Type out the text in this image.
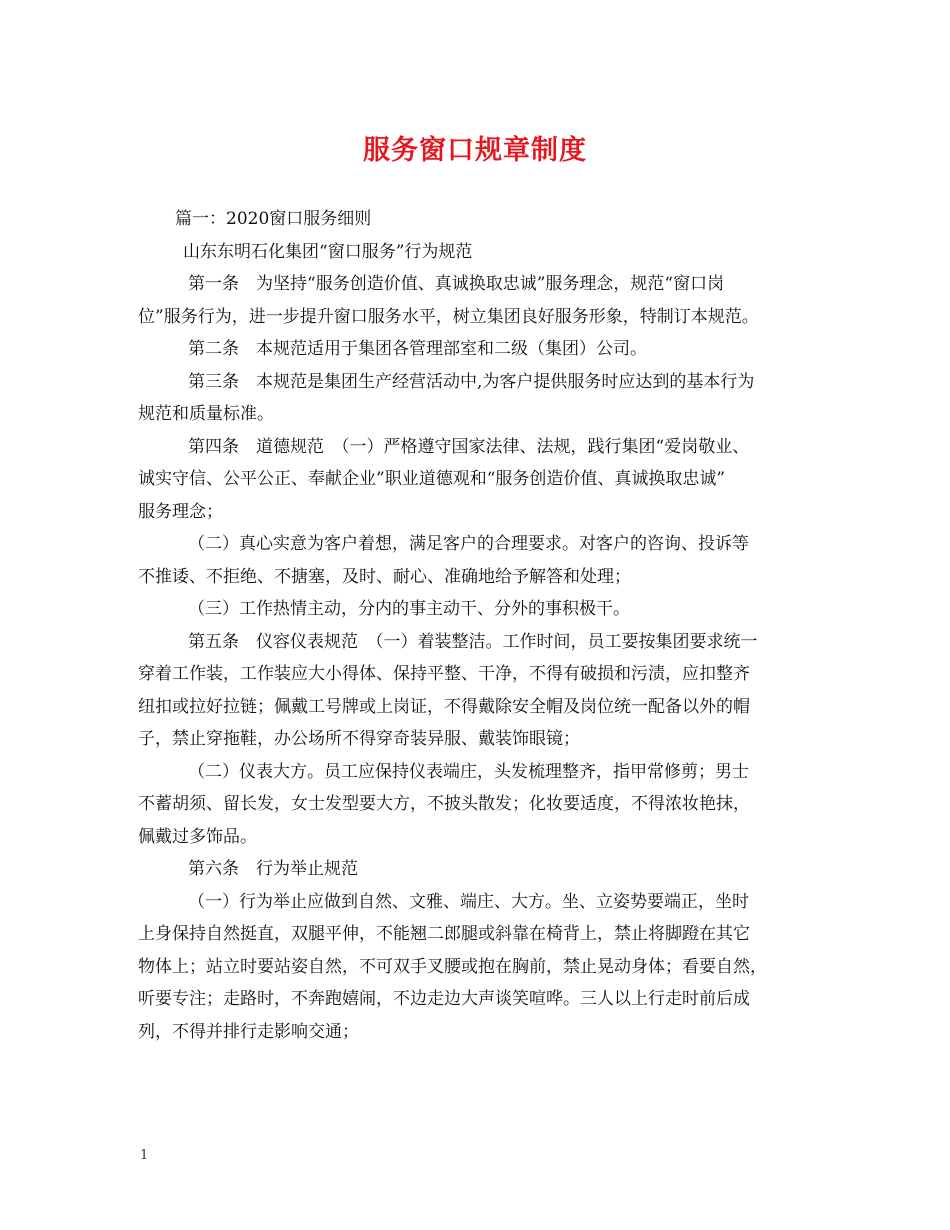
服务窗口规章制度
篇一：2020窗口服务细则
山东东明石化集团“窗口服务”行为规范
第一条　为坚持“服务创造价值、真诚换取忠诚”服务理念，规范“窗口岗
位”服务行为，进一步提升窗口服务水平，树立集团良好服务形象，特制订本规范。
第二条　本规范适用于集团各管理部室和二级（集团）公司。
第三条　本规范是集团生产经营活动中,为客户提供服务时应达到的基本行为
规范和质量标准。
第四条　道德规范　（一）严格遵守国家法律、法规，践行集团“爱岗敬业、
诚实守信、公平公正、奉献企业”职业道德观和“服务创造价值、真诚换取忠诚”
服务理念；
（二）真心实意为客户着想，满足客户的合理要求。对客户的咨询、投诉等
不推诿、不拒绝、不搪塞，及时、耐心、准确地给予解答和处理；
（三）工作热情主动，分内的事主动干、分外的事积极干。
第五条　仪容仪表规范　（一）着装整洁。工作时间，员工要按集团要求统一
穿着工作装，工作装应大小得体、保持平整、干净，不得有破损和污渍，应扣整齐
纽扣或拉好拉链；佩戴工号牌或上岗证，不得戴除安全帽及岗位统一配备以外的帽
子，禁止穿拖鞋，办公场所不得穿奇装异服、戴装饰眼镜；
（二）仪表大方。员工应保持仪表端庄，头发梳理整齐，指甲常修剪；男士
不蓄胡须、留长发，女士发型要大方，不披头散发；化妆要适度，不得浓妆艳抹，
佩戴过多饰品。
第六条　行为举止规范
（一）行为举止应做到自然、文雅、端庄、大方。坐、立姿势要端正，坐时
上身保持自然挺直，双腿平伸，不能翘二郎腿或斜靠在椅背上，禁止将脚蹬在其它
物体上；站立时要站姿自然，不可双手叉腰或抱在胸前，禁止晃动身体；看要自然，
听要专注；走路时，不奔跑嬉闹，不边走边大声谈笑喧哗。三人以上行走时前后成
列，不得并排行走影响交通；
1
